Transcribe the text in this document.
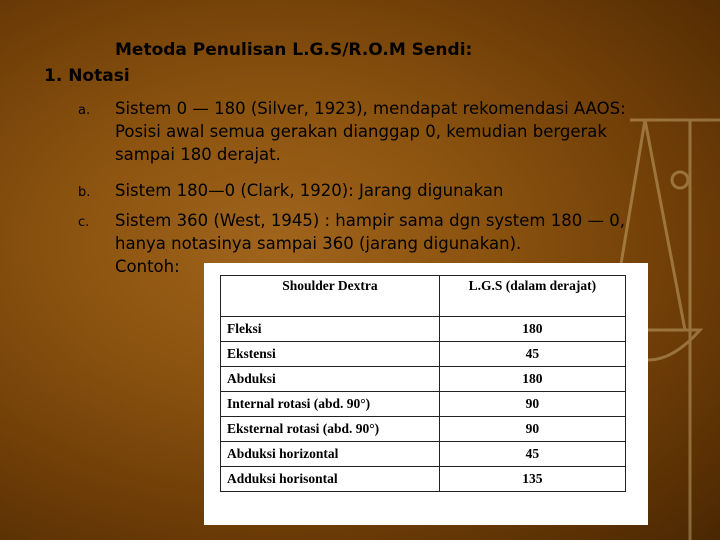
Metoda Penulisan L.G.S/R.O.M Sendi:
1. Notasi
a. Sistem 0 — 180 (Silver, 1923), mendapat rekomendasi AAOS:
Posisi awal semua gerakan dianggap 0, kemudian bergerak
sampai 180 derajat.
b. Sistem 180—0 (Clark, 1920): Jarang digunakan
c. Sistem 360 (West, 1945) : hampir sama dgn system 180 — 0,
hanya notasinya sampai 360 (jarang digunakan).
Contoh:
Shoulder Dextra	L.G.S (dalam derajat)
Fleksi	180
Ekstensi	45
Abduksi	180
Internal rotasi (abd. 90°)	90
Eksternal rotasi (abd. 90°)	90
Abduksi horizontal	45
Adduksi horisontal	135
